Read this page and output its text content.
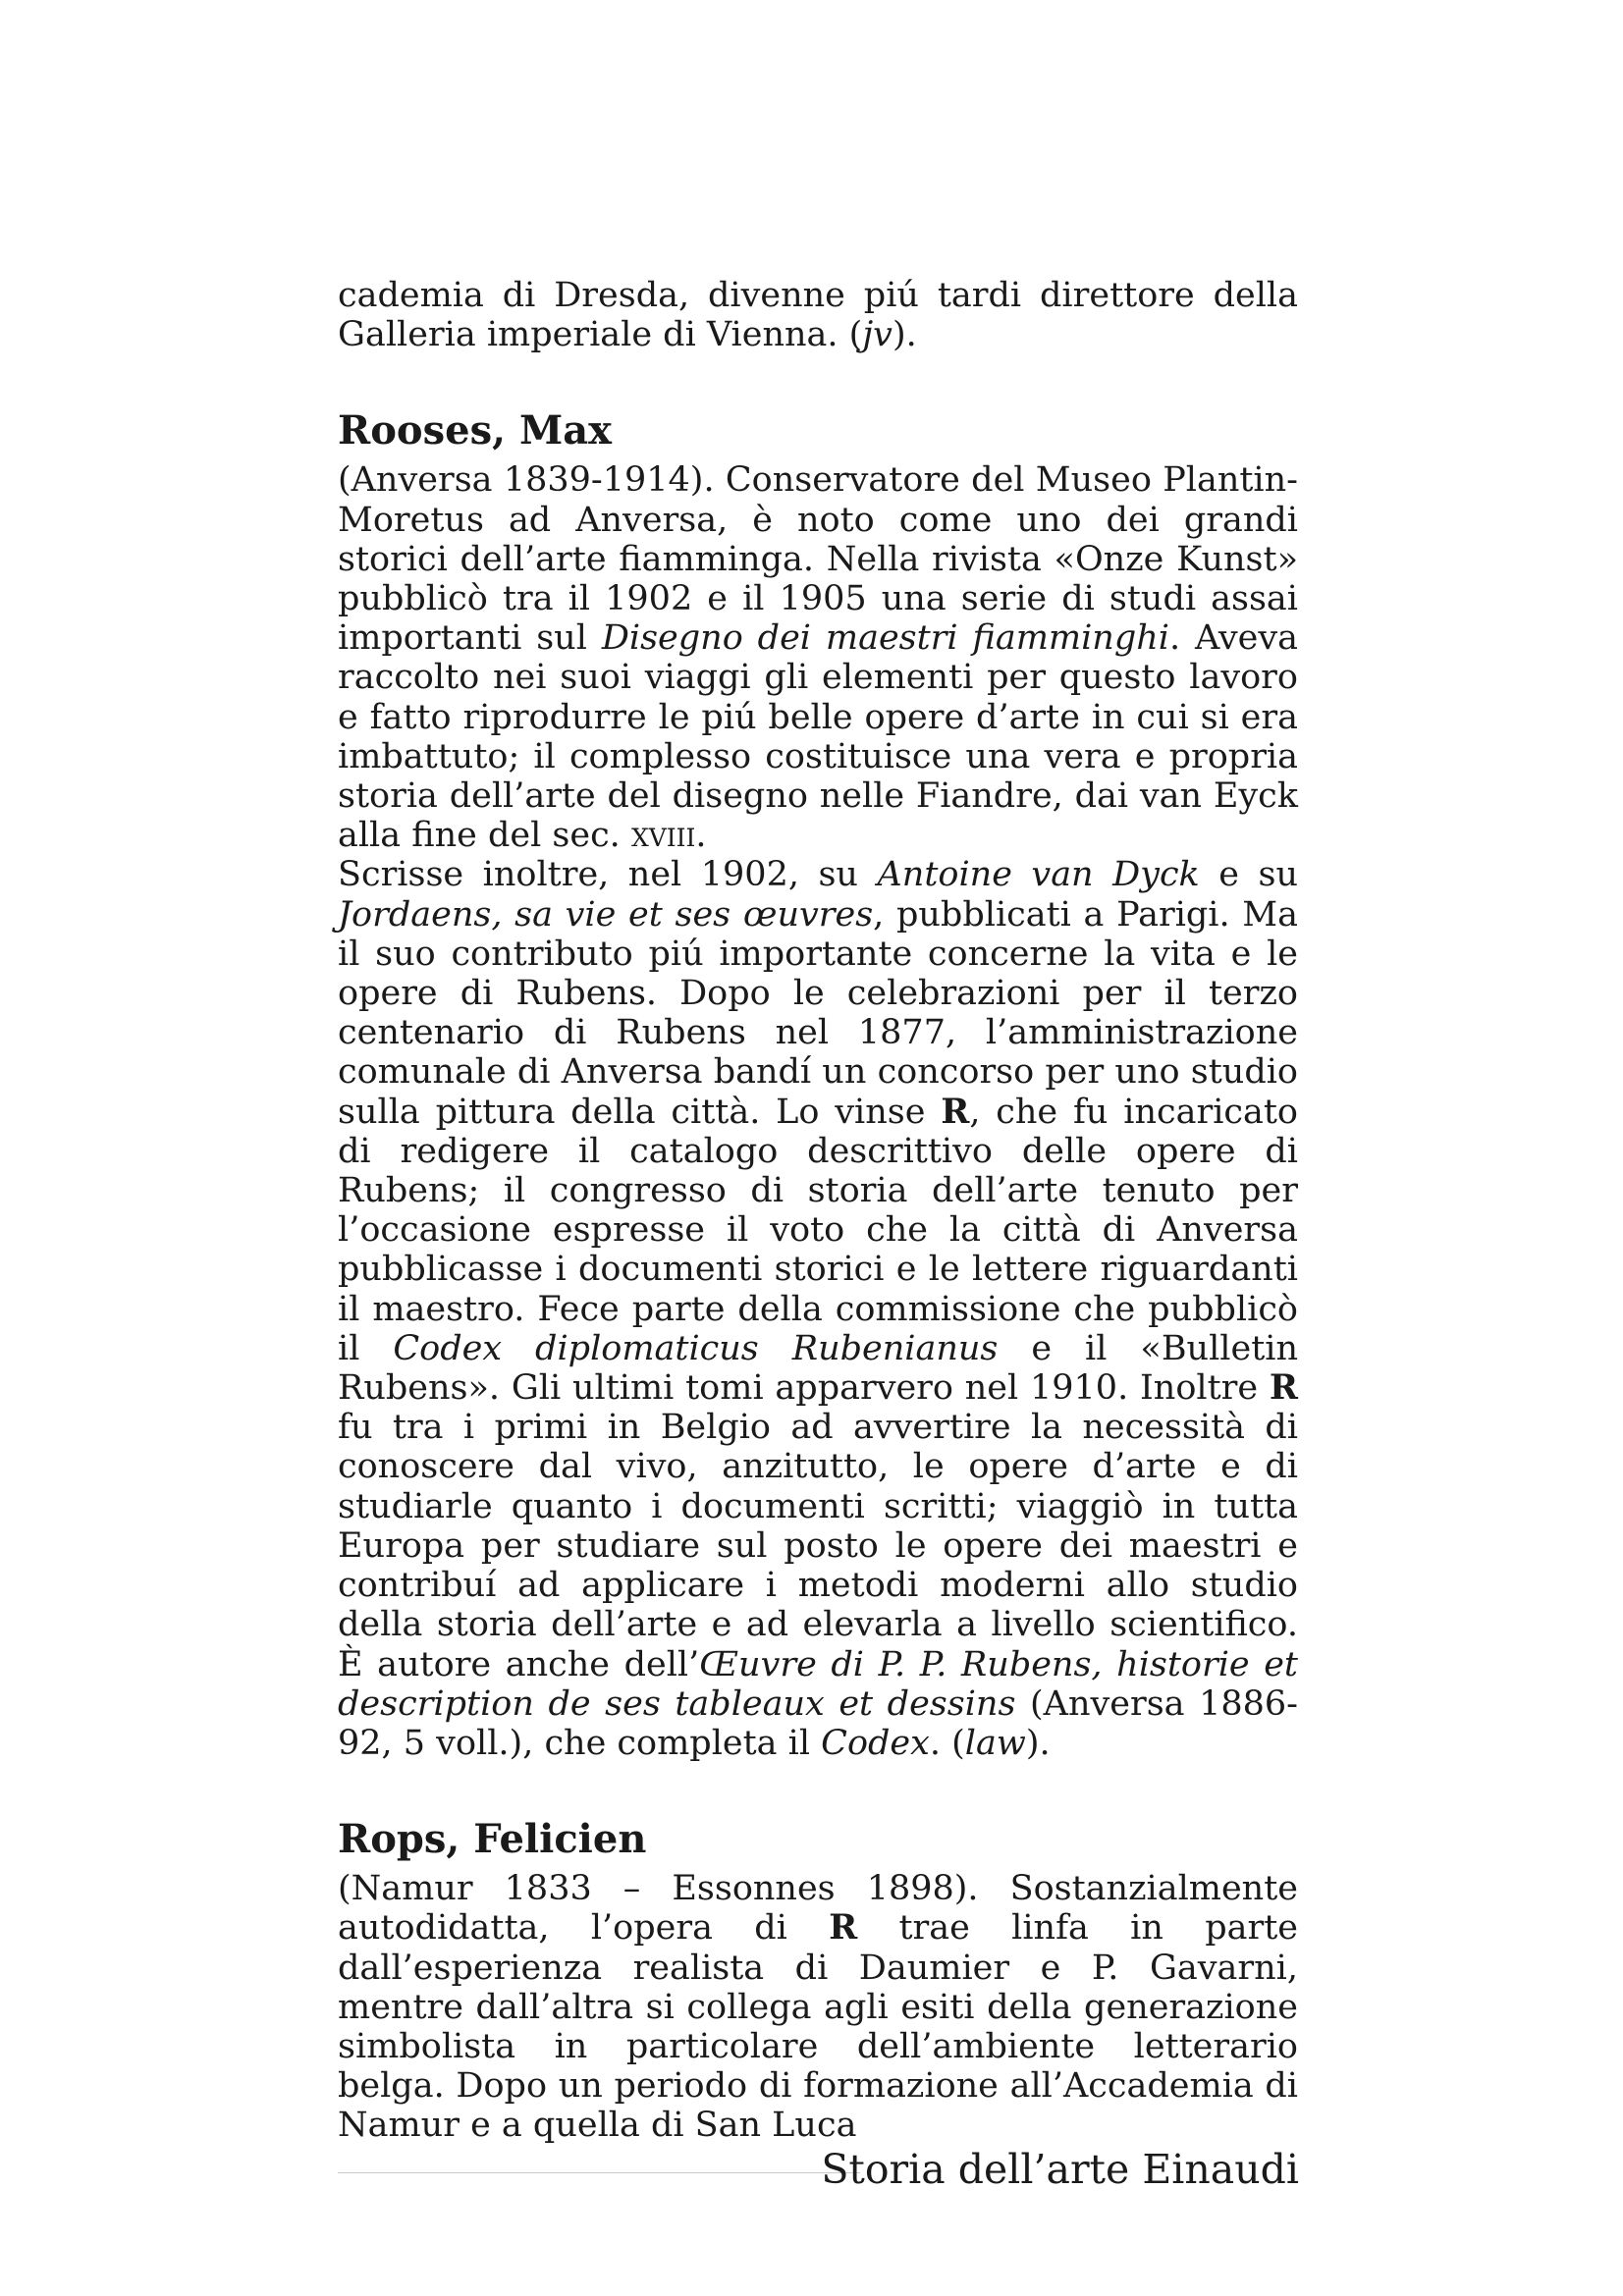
cademia di Dresda, divenne piú tardi direttore della Galleria imperiale di Vienna. (jv).

Rooses, Max

(Anversa 1839-1914). Conservatore del Museo Plantin-Moretus ad Anversa, è noto come uno dei grandi storici dell’arte fiamminga. Nella rivista «Onze Kunst» pubblicò tra il 1902 e il 1905 una serie di studi assai importanti sul Disegno dei maestri fiamminghi. Aveva raccolto nei suoi viaggi gli elementi per questo lavoro e fatto riprodurre le piú belle opere d’arte in cui si era imbattuto; il complesso costituisce una vera e propria storia dell’arte del disegno nelle Fiandre, dai van Eyck alla fine del sec. xviii.

Scrisse inoltre, nel 1902, su Antoine van Dyck e su Jordaens, sa vie et ses œuvres, pubblicati a Parigi. Ma il suo contributo piú importante concerne la vita e le opere di Rubens. Dopo le celebrazioni per il terzo centenario di Rubens nel 1877, l’amministrazione comunale di Anversa bandí un concorso per uno studio sulla pittura della città. Lo vinse R, che fu incaricato di redigere il catalogo descrittivo delle opere di Rubens; il congresso di storia dell’arte tenuto per l’occasione espresse il voto che la città di Anversa pubblicasse i documenti storici e le lettere riguardanti il maestro. Fece parte della commissione che pubblicò il Codex diplomaticus Rubenianus e il «Bulletin Rubens». Gli ultimi tomi apparvero nel 1910. Inoltre R fu tra i primi in Belgio ad avvertire la necessità di conoscere dal vivo, anzitutto, le opere d’arte e di studiarle quanto i documenti scritti; viaggiò in tutta Europa per studiare sul posto le opere dei maestri e contribuí ad applicare i metodi moderni allo studio della storia dell’arte e ad elevarla a livello scientifico. È autore anche dell’Œuvre di P. P. Rubens, historie et description de ses tableaux et dessins (Anversa 1886-92, 5 voll.), che completa il Codex. (law).

Rops, Felicien

(Namur 1833 – Essonnes 1898). Sostanzialmente autodidatta, l’opera di R trae linfa in parte dall’esperienza realista di Daumier e P. Gavarni, mentre dall’altra si collega agli esiti della generazione simbolista in particolare dell’ambiente letterario belga. Dopo un periodo di formazione all’Accademia di Namur e a quella di San Luca

Storia dell’arte Einaudi
